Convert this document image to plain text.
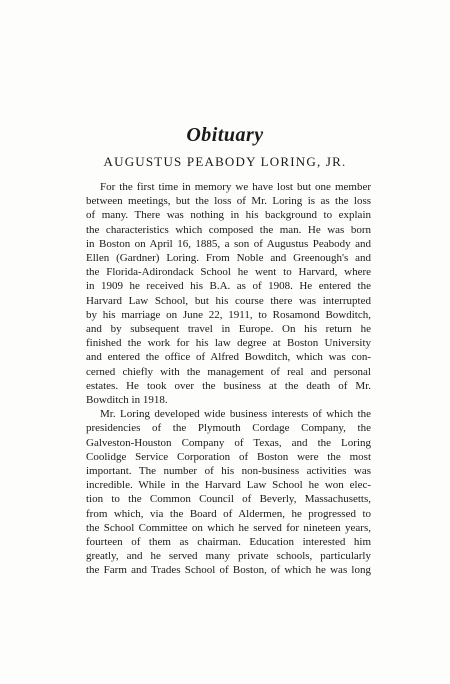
Obituary
AUGUSTUS PEABODY LORING, JR.
For the first time in memory we have lost but one member
between meetings, but the loss of Mr. Loring is as the loss
of many. There was nothing in his background to explain
the characteristics which composed the man. He was born
in Boston on April 16, 1885, a son of Augustus Peabody and
Ellen (Gardner) Loring. From Noble and Greenough's and
the Florida-Adirondack School he went to Harvard, where
in 1909 he received his B.A. as of 1908. He entered the
Harvard Law School, but his course there was interrupted
by his marriage on June 22, 1911, to Rosamond Bowditch,
and by subsequent travel in Europe. On his return he
finished the work for his law degree at Boston University
and entered the office of Alfred Bowditch, which was con-
cerned chiefly with the management of real and personal
estates. He took over the business at the death of Mr.
Bowditch in 1918.
Mr. Loring developed wide business interests of which the
presidencies of the Plymouth Cordage Company, the
Galveston-Houston Company of Texas, and the Loring
Coolidge Service Corporation of Boston were the most
important. The number of his non-business activities was
incredible. While in the Harvard Law School he won elec-
tion to the Common Council of Beverly, Massachusetts,
from which, via the Board of Aldermen, he progressed to
the School Committee on which he served for nineteen years,
fourteen of them as chairman. Education interested him
greatly, and he served many private schools, particularly
the Farm and Trades School of Boston, of which he was long
